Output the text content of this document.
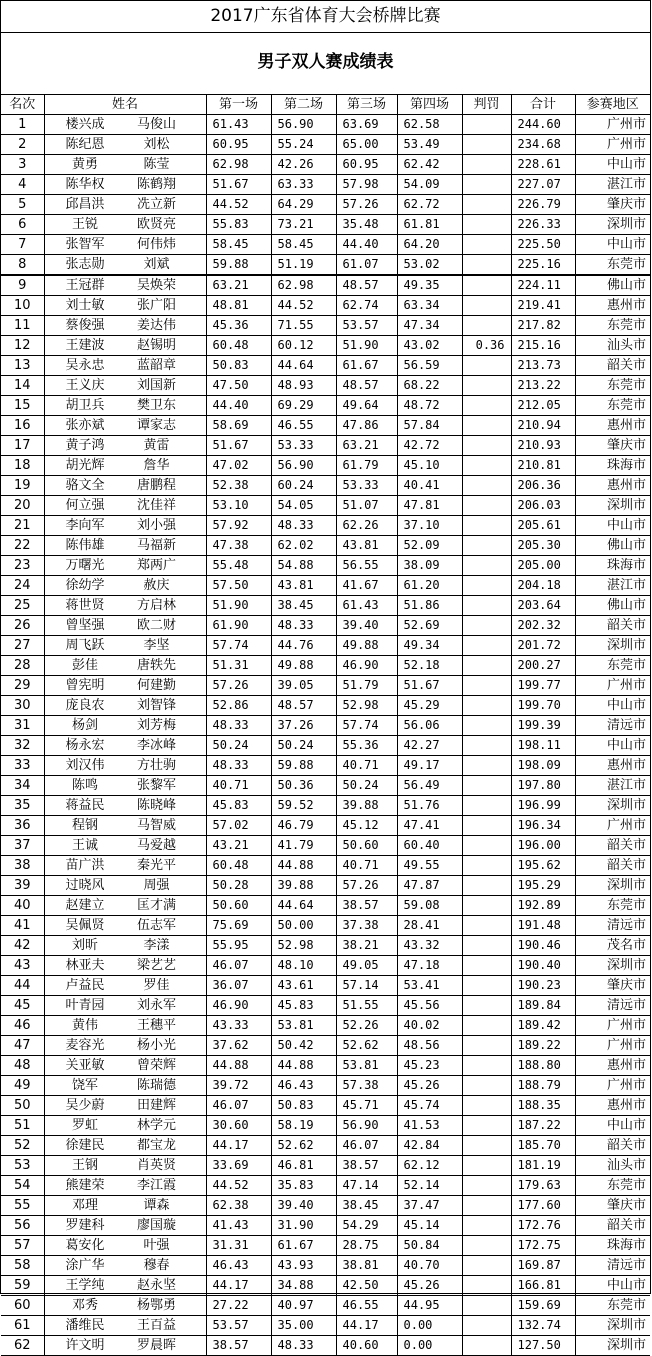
2017广东省体育大会桥牌比赛
男子双人赛成绩表
名次	姓名	第一场	第二场	第三场	第四场	判罚	合计	参赛地区
1	楼兴成 马俊山	61.43	56.90	63.69	62.58		244.60	广州市
2	陈纪恩 刘松	60.95	55.24	65.00	53.49		234.68	广州市
3	黄勇 陈莹	62.98	42.26	60.95	62.42		228.61	中山市
4	陈华权 陈鹤翔	51.67	63.33	57.98	54.09		227.07	湛江市
5	邱昌洪 冼立新	44.52	64.29	57.26	62.72		226.79	肇庆市
6	王锐 欧贤亮	55.83	73.21	35.48	61.81		226.33	深圳市
7	张智军 何伟炜	58.45	58.45	44.40	64.20		225.50	中山市
8	张志勋 刘斌	59.88	51.19	61.07	53.02		225.16	东莞市
9	王冠群 吴焕荣	63.21	62.98	48.57	49.35		224.11	佛山市
10	刘士敏 张广阳	48.81	44.52	62.74	63.34		219.41	惠州市
11	蔡俊强 姜达伟	45.36	71.55	53.57	47.34		217.82	东莞市
12	王建波 赵锡明	60.48	60.12	51.90	43.02	0.36	215.16	汕头市
13	吴永忠 蓝韶章	50.83	44.64	61.67	56.59		213.73	韶关市
14	王义庆 刘国新	47.50	48.93	48.57	68.22		213.22	东莞市
15	胡卫兵 樊卫东	44.40	69.29	49.64	48.72		212.05	东莞市
16	张亦斌 谭家志	58.69	46.55	47.86	57.84		210.94	惠州市
17	黄子鸿 黄雷	51.67	53.33	63.21	42.72		210.93	肇庆市
18	胡光辉 詹华	47.02	56.90	61.79	45.10		210.81	珠海市
19	骆文全 唐鹏程	52.38	60.24	53.33	40.41		206.36	惠州市
20	何立强 沈佳祥	53.10	54.05	51.07	47.81		206.03	深圳市
21	李向军 刘小强	57.92	48.33	62.26	37.10		205.61	中山市
22	陈伟雄 马福新	47.38	62.02	43.81	52.09		205.30	佛山市
23	万曙光 郑两广	55.48	54.88	56.55	38.09		205.00	珠海市
24	徐幼学 赦庆	57.50	43.81	41.67	61.20		204.18	湛江市
25	蒋世贤 方启林	51.90	38.45	61.43	51.86		203.64	佛山市
26	曾坚强 欧二财	61.90	48.33	39.40	52.69		202.32	韶关市
27	周飞跃 李坚	57.74	44.76	49.88	49.34		201.72	深圳市
28	彭佳 唐轶先	51.31	49.88	46.90	52.18		200.27	东莞市
29	曾宪明 何建勤	57.26	39.05	51.79	51.67		199.77	广州市
30	庞良农 刘智锋	52.86	48.57	52.98	45.29		199.70	中山市
31	杨剑 刘芳梅	48.33	37.26	57.74	56.06		199.39	清远市
32	杨永宏 李冰峰	50.24	50.24	55.36	42.27		198.11	中山市
33	刘汉伟 方壮驹	48.33	59.88	40.71	49.17		198.09	惠州市
34	陈鸣 张黎军	40.71	50.36	50.24	56.49		197.80	湛江市
35	蒋益民 陈晓峰	45.83	59.52	39.88	51.76		196.99	深圳市
36	程钢 马智威	57.02	46.79	45.12	47.41		196.34	广州市
37	王诚 马爱越	43.21	41.79	50.60	60.40		196.00	韶关市
38	苗广洪 秦光平	60.48	44.88	40.71	49.55		195.62	韶关市
39	过晓风 周强	50.28	39.88	57.26	47.87		195.29	深圳市
40	赵建立 匡才满	50.60	44.64	38.57	59.08		192.89	东莞市
41	吴佩贤 伍志军	75.69	50.00	37.38	28.41		191.48	清远市
42	刘昕 李漾	55.95	52.98	38.21	43.32		190.46	茂名市
43	林亚夫 梁艺艺	46.07	48.10	49.05	47.18		190.40	深圳市
44	卢益民 罗佳	36.07	43.61	57.14	53.41		190.23	肇庆市
45	叶青园 刘永军	46.90	45.83	51.55	45.56		189.84	清远市
46	黄伟 王穗平	43.33	53.81	52.26	40.02		189.42	广州市
47	麦容光 杨小光	37.62	50.42	52.62	48.56		189.22	广州市
48	关亚敏 曾荣辉	44.88	44.88	53.81	45.23		188.80	惠州市
49	饶军 陈瑞德	39.72	46.43	57.38	45.26		188.79	广州市
50	吴少蔚 田建辉	46.07	50.83	45.71	45.74		188.35	惠州市
51	罗虹 林学元	30.60	58.19	56.90	41.53		187.22	中山市
52	徐建民 都宝龙	44.17	52.62	46.07	42.84		185.70	韶关市
53	王钢 肖英贤	33.69	46.81	38.57	62.12		181.19	汕头市
54	熊建荣 李江霞	44.52	35.83	47.14	52.14		179.63	东莞市
55	邓理 谭森	62.38	39.40	38.45	37.47		177.60	肇庆市
56	罗建科 廖国璇	41.43	31.90	54.29	45.14		172.76	韶关市
57	葛安化 叶强	31.31	61.67	28.75	50.84		172.75	珠海市
58	涂广华 穆春	46.43	43.93	38.81	40.70		169.87	清远市
59	王学纯 赵永坚	44.17	34.88	42.50	45.26		166.81	中山市
60	邓秀 杨鄂勇	27.22	40.97	46.55	44.95		159.69	东莞市
61	潘维民 王百益	53.57	35.00	44.17	0.00		132.74	深圳市
62	许文明 罗晨晖	38.57	48.33	40.60	0.00		127.50	深圳市
